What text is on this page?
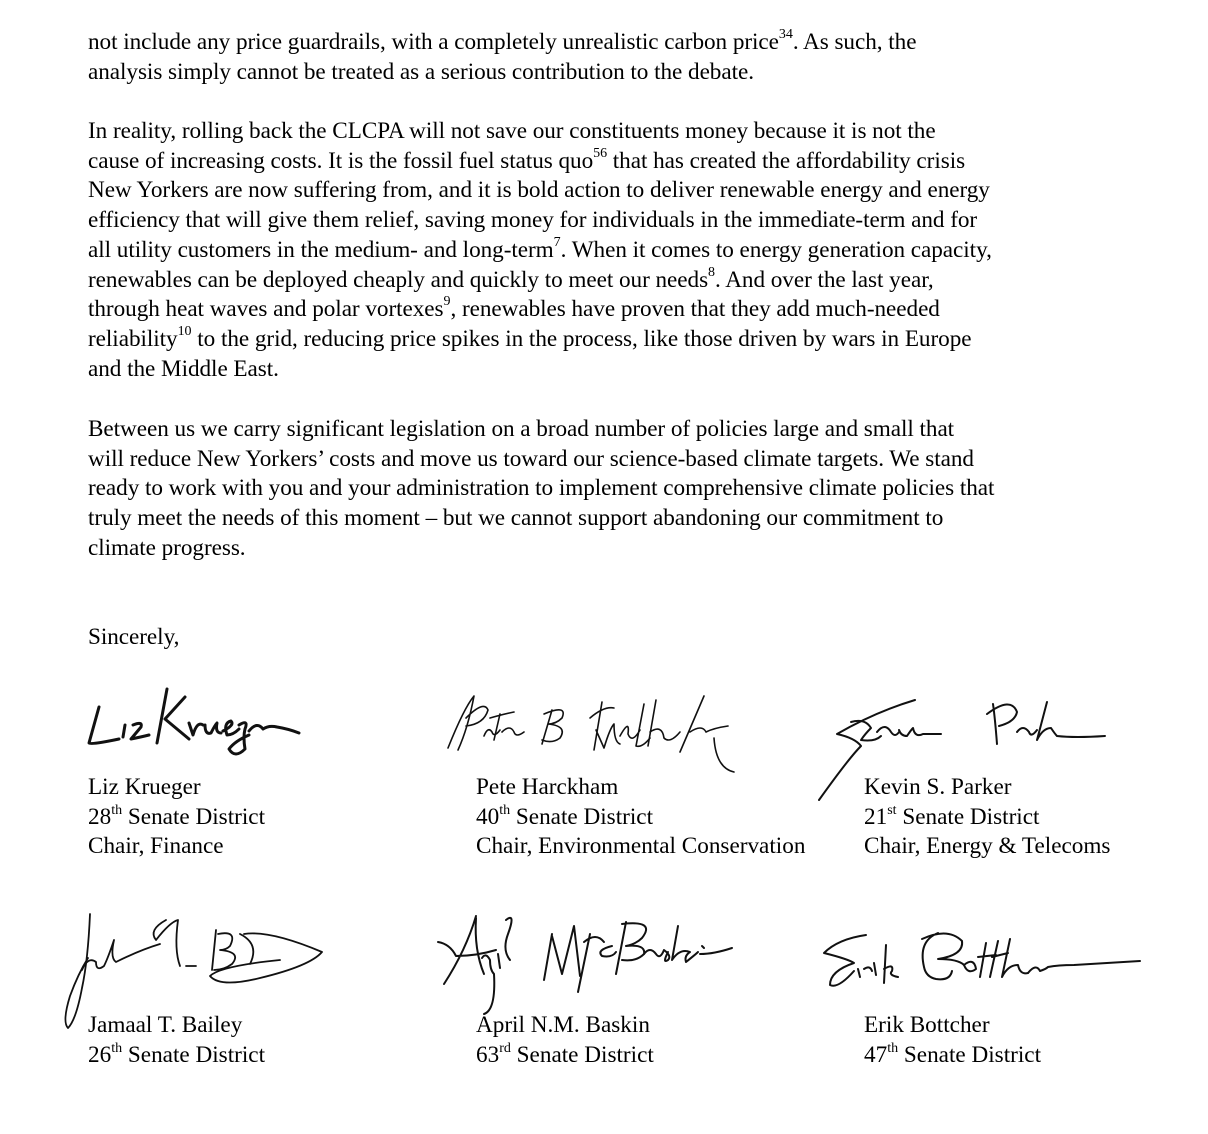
not include any price guardrails, with a completely unrealistic carbon price$^{34}$. As such, the
analysis simply cannot be treated as a serious contribution to the debate.
In reality, rolling back the CLCPA will not save our constituents money because it is not the
cause of increasing costs. It is the fossil fuel status quo$^{56}$ that has created the affordability crisis
New Yorkers are now suffering from, and it is bold action to deliver renewable energy and energy
efficiency that will give them relief, saving money for individuals in the immediate-term and for
all utility customers in the medium- and long-term$^7$. When it comes to energy generation capacity,
renewables can be deployed cheaply and quickly to meet our needs$^8$. And over the last year,
through heat waves and polar vortexes$^9$, renewables have proven that they add much-needed
reliability$^{10}$ to the grid, reducing price spikes in the process, like those driven by wars in Europe
and the Middle East.
Between us we carry significant legislation on a broad number of policies large and small that
will reduce New Yorkers’ costs and move us toward our science-based climate targets. We stand
ready to work with you and your administration to implement comprehensive climate policies that
truly meet the needs of this moment – but we cannot support abandoning our commitment to
climate progress.
Sincerely,
Liz Krueger
28th Senate District
Chair, Finance
Pete Harckham
40th Senate District
Chair, Environmental Conservation
Kevin S. Parker
21st Senate District
Chair, Energy & Telecoms
Jamaal T. Bailey
26th Senate District
April N.M. Baskin
63rd Senate District
Erik Bottcher
47th Senate District
